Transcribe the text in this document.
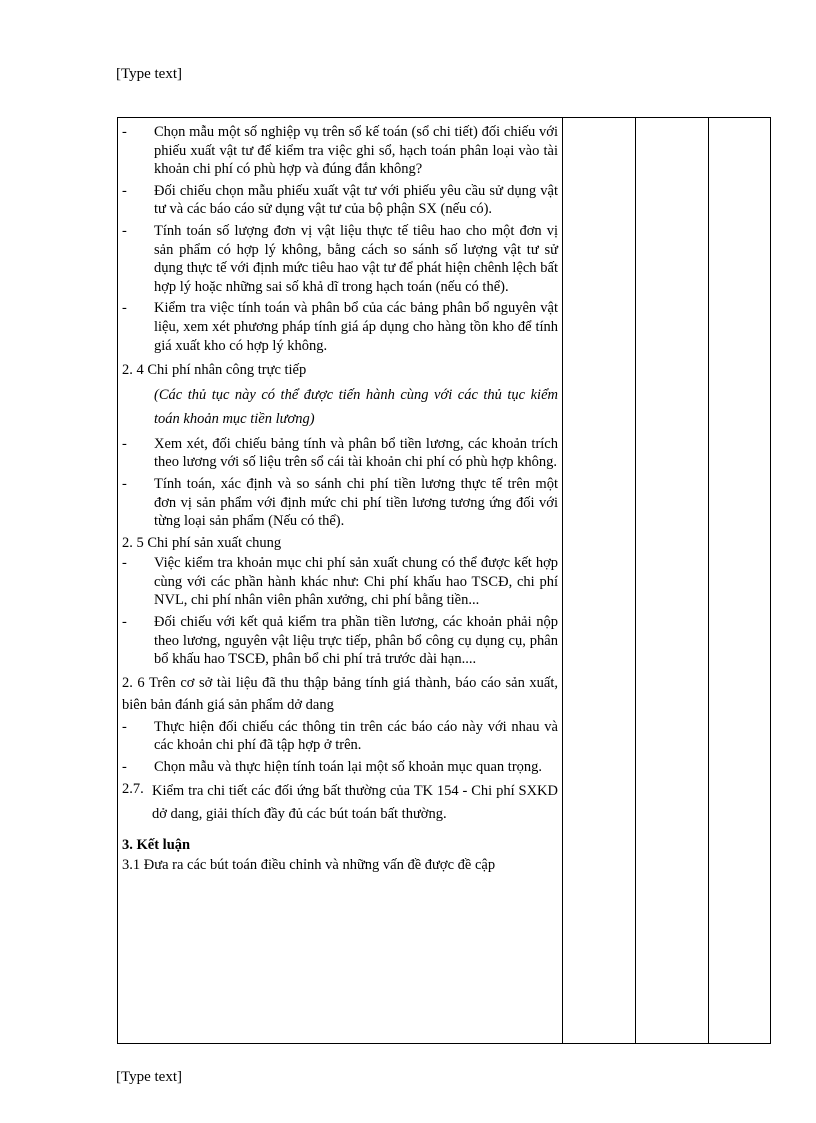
[Type text]
-	Chọn mẫu một số nghiệp vụ trên sổ kế toán (sổ chi tiết) đối chiếu với phiếu xuất vật tư để kiểm tra việc ghi sổ, hạch toán phân loại vào tài khoản chi phí có phù hợp và đúng đắn không?
-	Đối chiếu chọn mẫu phiếu xuất vật tư với phiếu yêu cầu sử dụng vật tư và các báo cáo sử dụng vật tư của bộ phận SX (nếu có).
-	Tính toán số lượng đơn vị vật liệu thực tế tiêu hao cho một đơn vị sản phẩm có hợp lý không, bằng cách so sánh số lượng vật tư sử dụng thực tế với định mức tiêu hao vật tư để phát hiện chênh lệch bất hợp lý hoặc những sai số khả dĩ trong hạch toán (nếu có thể).
-	Kiểm tra việc tính toán và phân bổ của các bảng phân bổ nguyên vật liệu, xem xét phương pháp tính giá áp dụng cho hàng tồn kho để tính giá xuất kho có hợp lý không.
2. 4 Chi phí nhân công trực tiếp
(Các thủ tục này có thể được tiến hành cùng với các thủ tục kiểm toán khoản mục tiền lương)
-	Xem xét, đối chiếu bảng tính và phân bổ tiền lương, các khoản trích theo lương với số liệu trên sổ cái tài khoản chi phí có phù hợp không.
-	Tính toán, xác định và so sánh chi phí tiền lương thực tế trên một đơn vị sản phẩm với định mức chi phí tiền lương tương ứng đối với từng loại sản phẩm (Nếu có thể).
2. 5 Chi phí sản xuất chung
-	Việc kiểm tra khoản mục chi phí sản xuất chung có thể được kết hợp cùng với các phần hành khác như: Chi phí khấu hao TSCĐ, chi phí NVL, chi phí nhân viên phân xưởng, chi phí bằng tiền...
-	Đối chiếu với kết quả kiểm tra phần tiền lương, các khoản phải nộp theo lương, nguyên vật liệu trực tiếp, phân bổ công cụ dụng cụ, phân bổ khấu hao TSCĐ, phân bổ chi phí trả trước dài hạn....
2. 6 Trên cơ sở tài liệu đã thu thập bảng tính giá thành, báo cáo sản xuất, biên bản đánh giá sản phẩm dở dang
-	Thực hiện đối chiếu các thông tin trên các báo cáo này với nhau và các khoản chi phí đã tập hợp ở trên.
-	Chọn mẫu và thực hiện tính toán lại một số khoản mục quan trọng.
2.7. Kiểm tra chi tiết các đối ứng bất thường của TK 154 - Chi phí SXKD dở dang, giải thích đầy đủ các bút toán bất thường.
3. Kết luận
3.1 Đưa ra các bút toán điều chỉnh và những vấn đề được đề cập
[Type text]
